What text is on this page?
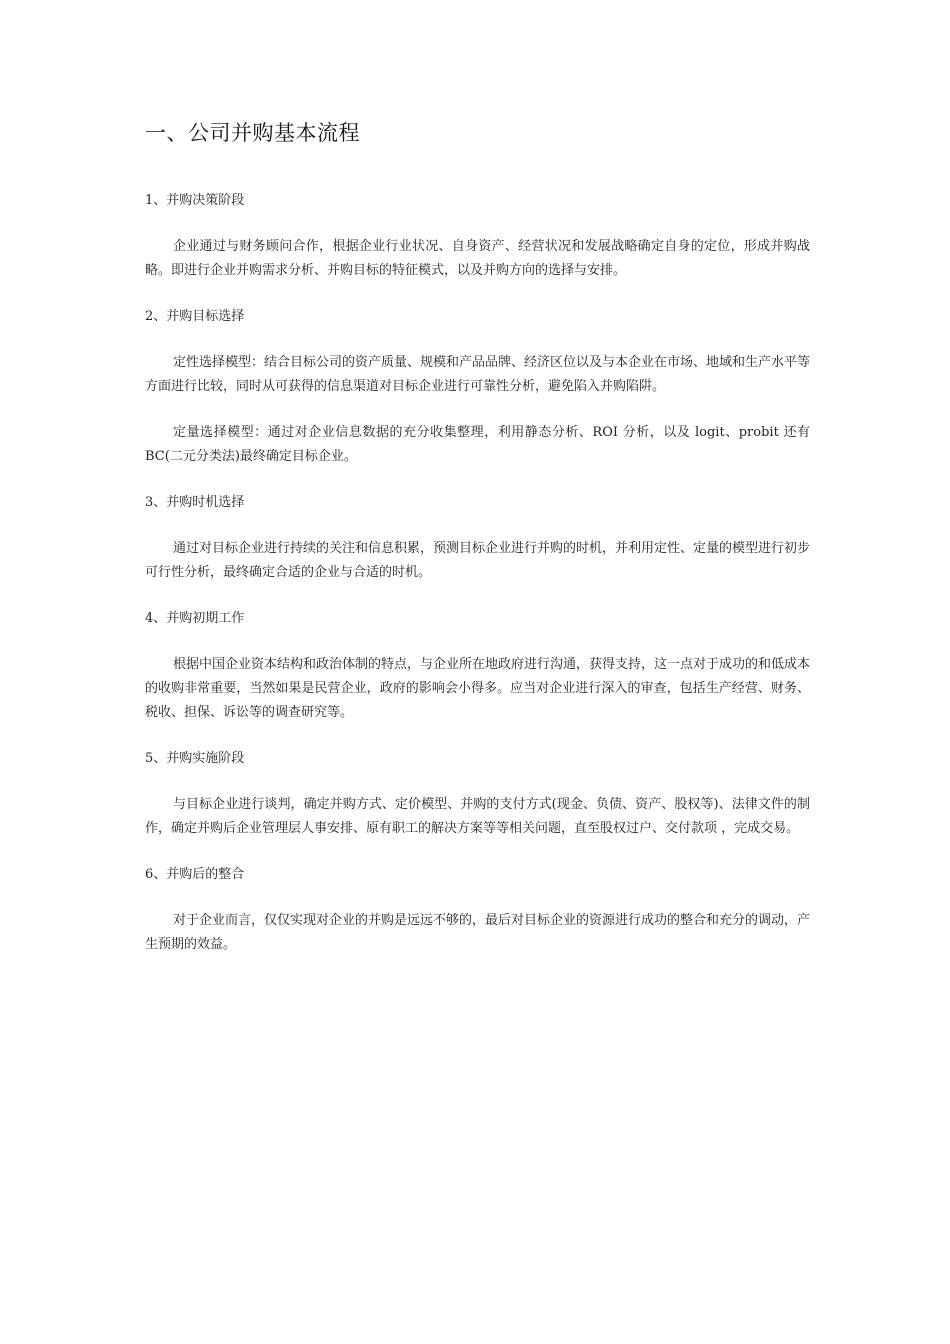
一、公司并购基本流程

1、并购决策阶段

企业通过与财务顾问合作，根据企业行业状况、自身资产、经营状况和发展战略确定自身的定位，形成并购战略。即进行企业并购需求分析、并购目标的特征模式，以及并购方向的选择与安排。

2、并购目标选择

定性选择模型：结合目标公司的资产质量、规模和产品品牌、经济区位以及与本企业在市场、地域和生产水平等方面进行比较，同时从可获得的信息渠道对目标企业进行可靠性分析，避免陷入并购陷阱。

定量选择模型：通过对企业信息数据的充分收集整理，利用静态分析、ROI 分析，以及 logit、probit 还有 BC(二元分类法)最终确定目标企业。

3、并购时机选择

通过对目标企业进行持续的关注和信息积累，预测目标企业进行并购的时机，并利用定性、定量的模型进行初步可行性分析，最终确定合适的企业与合适的时机。

4、并购初期工作

根据中国企业资本结构和政治体制的特点，与企业所在地政府进行沟通，获得支持，这一点对于成功的和低成本的收购非常重要，当然如果是民营企业，政府的影响会小得多。应当对企业进行深入的审查，包括生产经营、财务、税收、担保、诉讼等的调查研究等。

5、并购实施阶段

与目标企业进行谈判，确定并购方式、定价模型、并购的支付方式(现金、负债、资产、股权等)、法律文件的制作，确定并购后企业管理层人事安排、原有职工的解决方案等等相关问题，直至股权过户、交付款项 ，完成交易。

6、并购后的整合

对于企业而言，仅仅实现对企业的并购是远远不够的，最后对目标企业的资源进行成功的整合和充分的调动，产生预期的效益。
